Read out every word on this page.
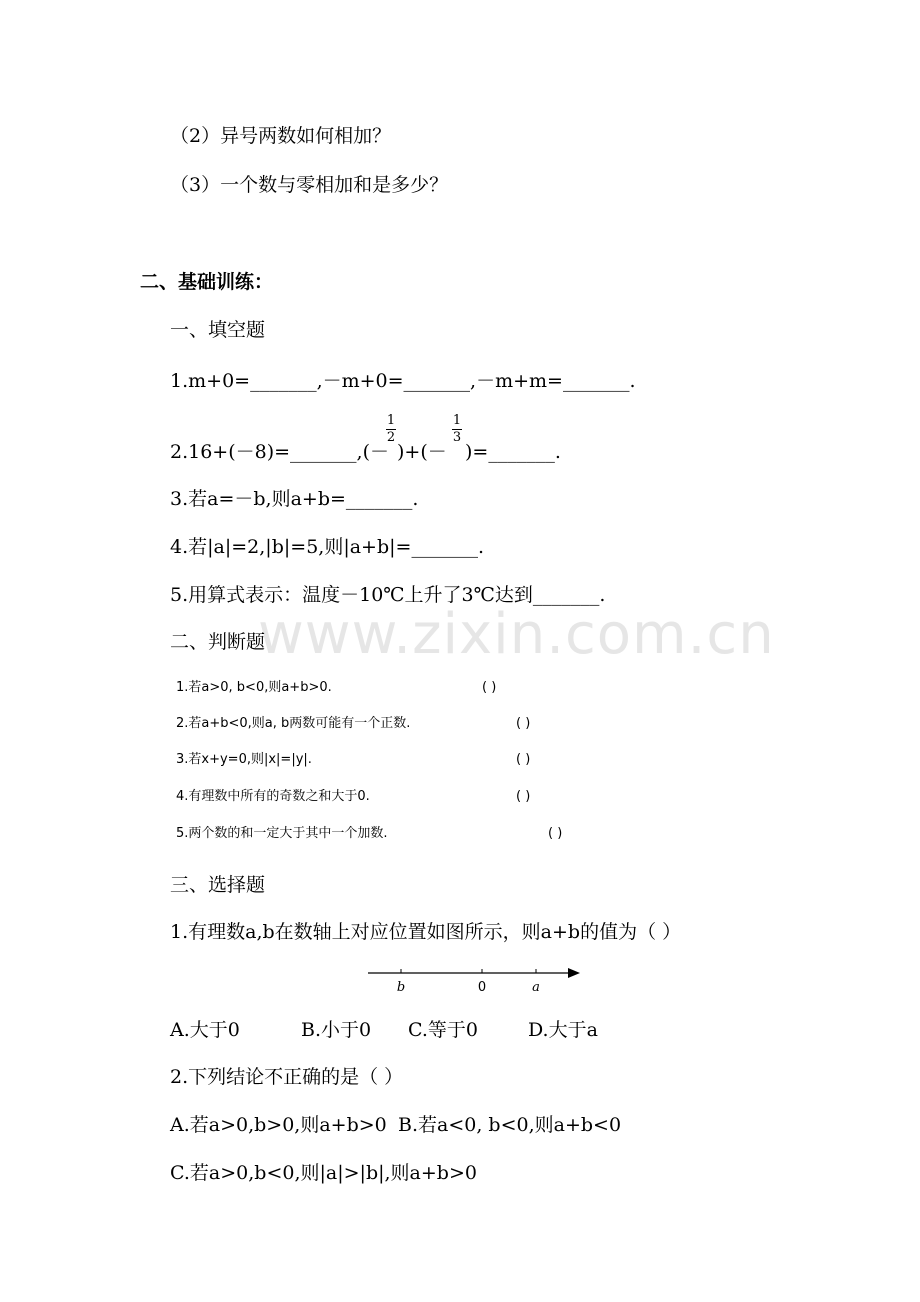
www.zixin.com.cn
（2）异号两数如何相加？
（3）一个数与零相加和是多少？
二、基础训练：
一、填空题
1.m+0=_______,－m+0=_______,－m+m=_______.
2.16+(－8)=_______,(－
1
2
)+(－
1
3
)=_______.
3.若a=－b,则a+b=_______.
4.若|a|=2,|b|=5,则|a+b|=_______.
5.用算式表示：温度－10℃上升了3℃达到_______.
二、判断题
1.若a>0, b<0,则a+b>0.	( )
2.若a+b<0,则a, b两数可能有一个正数.	( )
3.若x+y=0,则|x|=|y|.	( )
4.有理数中所有的奇数之和大于0.	( )
5.两个数的和一定大于其中一个加数.	( )
三、选择题
1.有理数a,b在数轴上对应位置如图所示，则a+b的值为（ ）
b	0	a
A.大于0	B.小于0 C.等于0	D.大于a
2.下列结论不正确的是（ ）
A.若a>0,b>0,则a+b>0 B.若a<0, b<0,则a+b<0
C.若a>0,b<0,则|a|>|b|,则a+b>0
